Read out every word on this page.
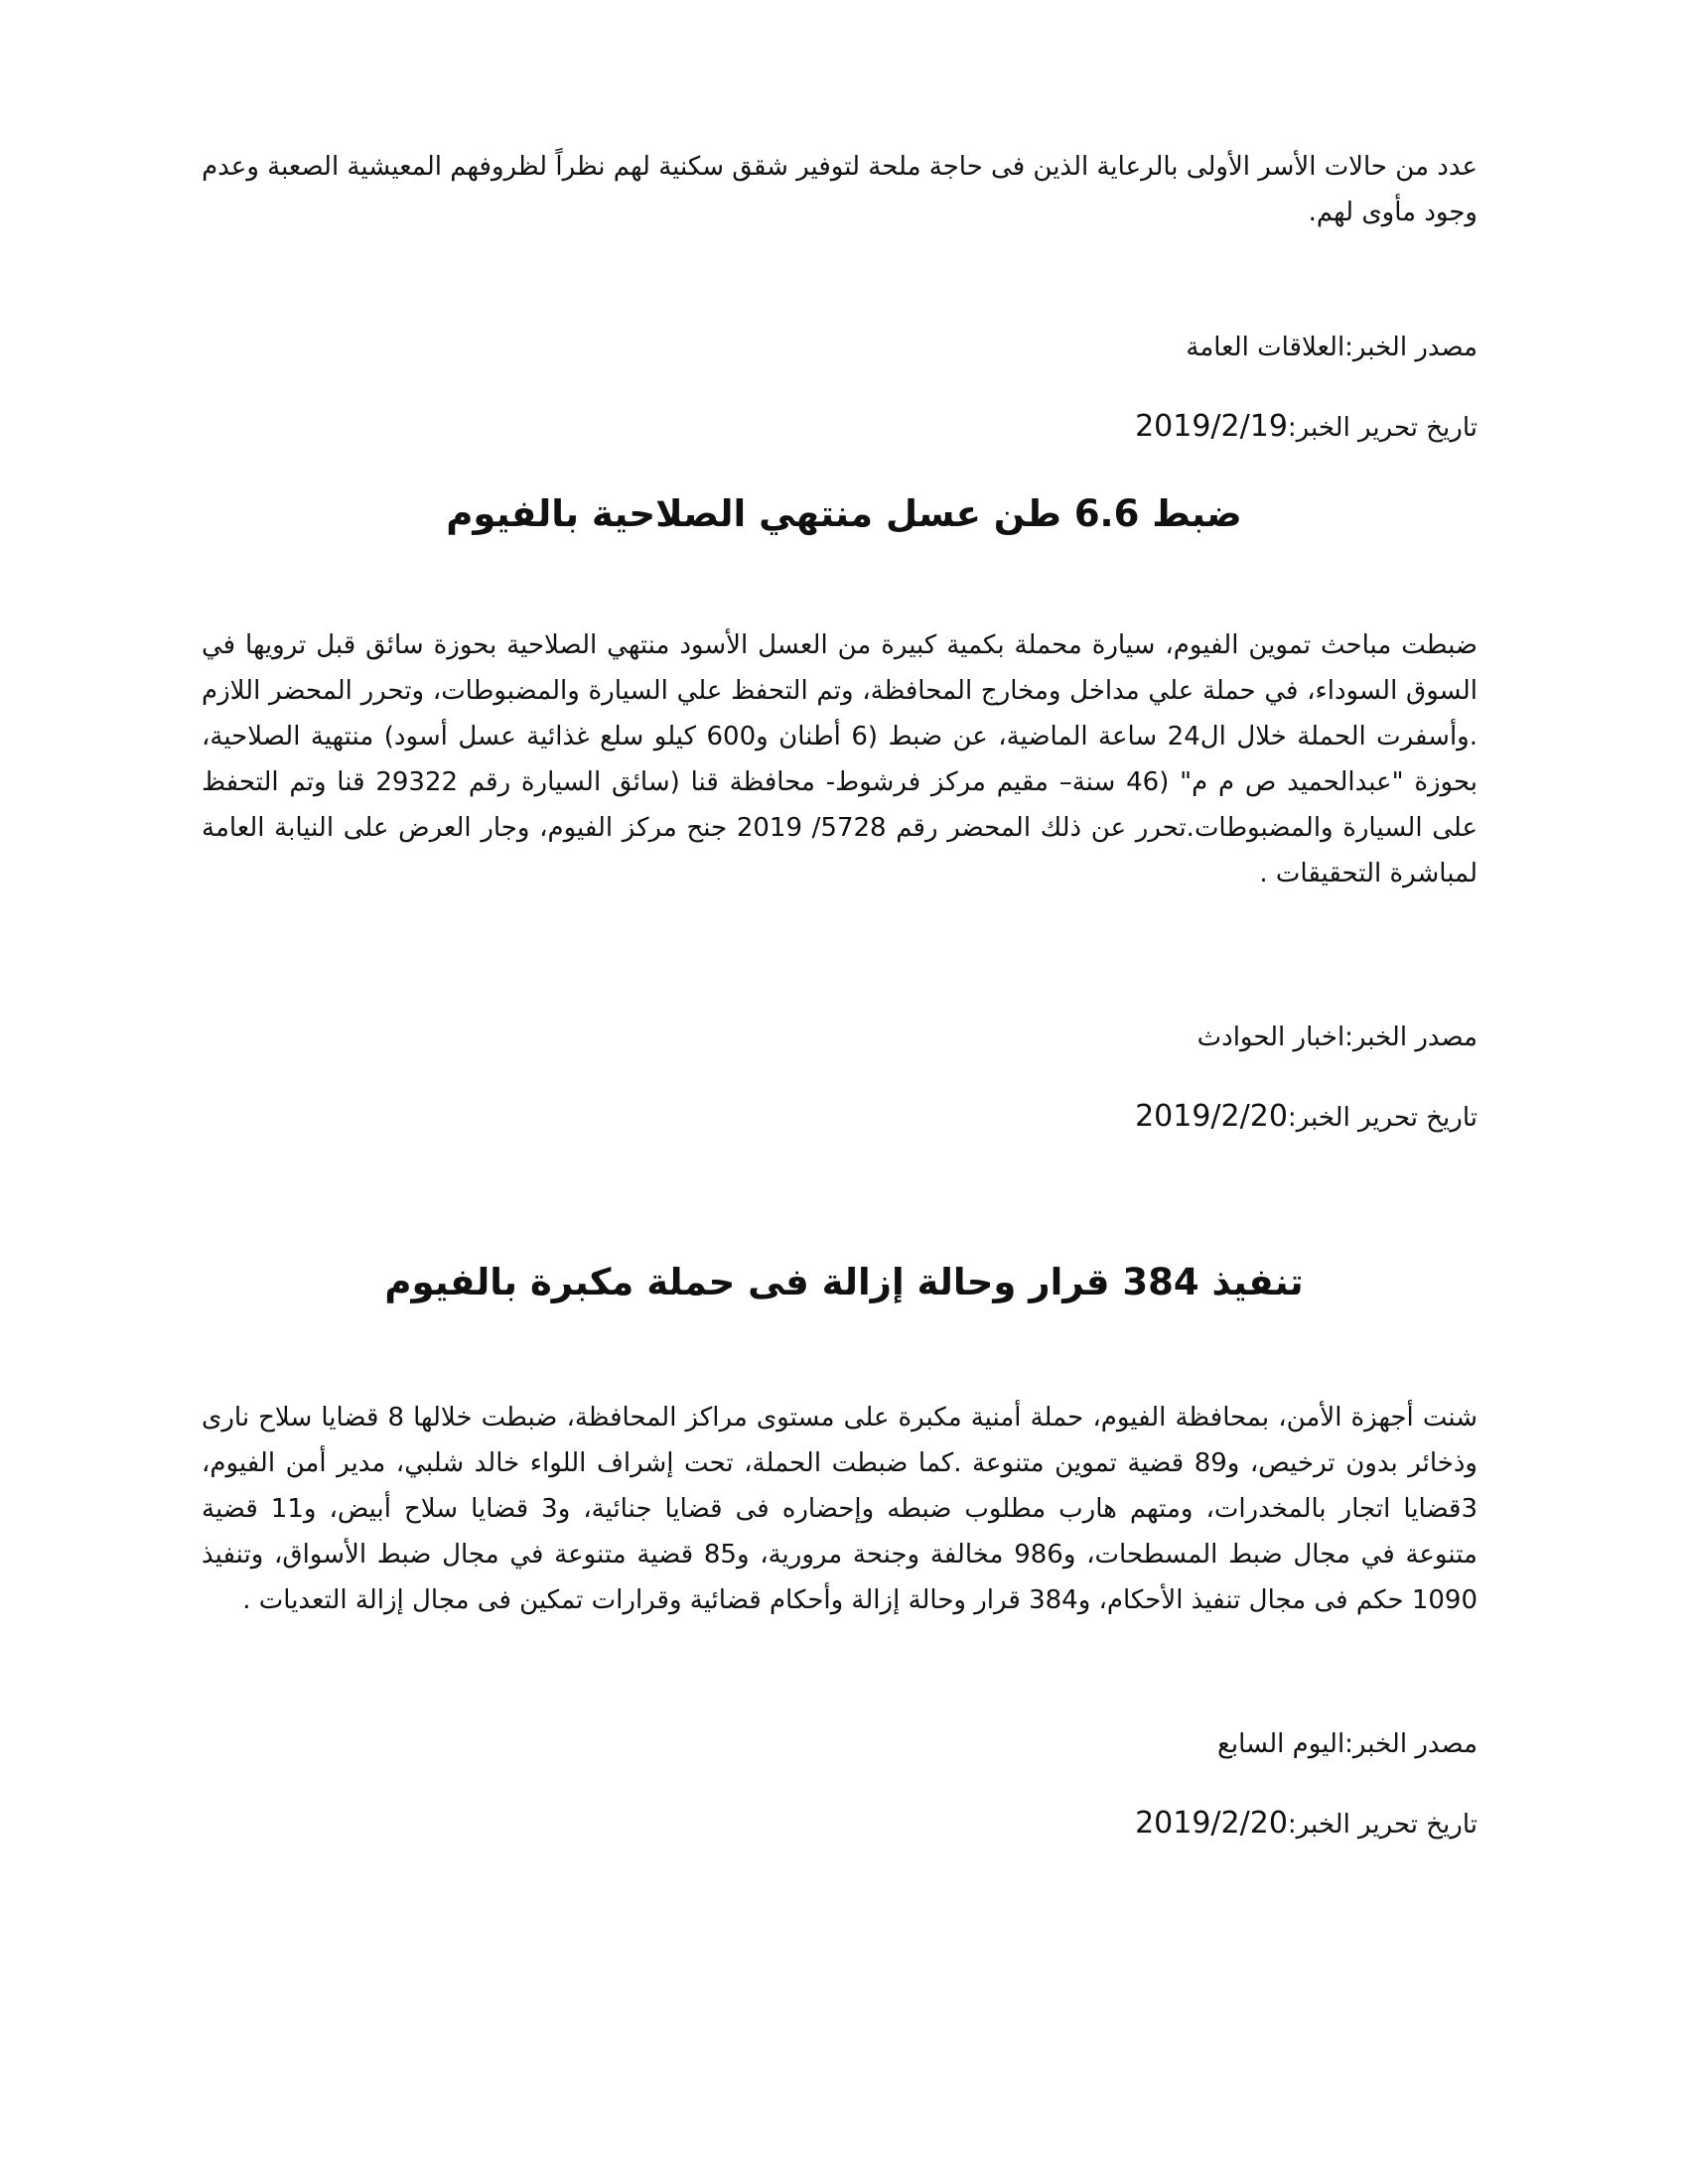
عدد من حالات الأسر الأولى بالرعاية الذين فى حاجة ملحة لتوفير شقق سكنية لهم نظراً لظروفهم المعيشية الصعبة وعدم وجود مأوى لهم.

مصدر الخبر:العلاقات العامة

تاريخ تحرير الخبر:2019/2/19

ضبط 6.6 طن عسل منتهي الصلاحية بالفيوم

ضبطت مباحث تموين الفيوم، سيارة محملة بكمية كبيرة من العسل الأسود منتهي الصلاحية بحوزة سائق قبل ترويها في السوق السوداء، في حملة علي مداخل ومخارج المحافظة، وتم التحفظ علي السيارة والمضبوطات، وتحرر المحضر اللازم .وأسفرت الحملة خلال ال24 ساعة الماضية، عن ضبط (6 أطنان و600 كيلو سلع غذائية عسل أسود) منتهية الصلاحية، بحوزة "عبدالحميد ص م م" (46 سنة– مقيم مركز فرشوط- محافظة قنا (سائق السيارة رقم 29322 قنا وتم التحفظ على السيارة والمضبوطات.تحرر عن ذلك المحضر رقم 5728/ 2019 جنح مركز الفيوم، وجار العرض على النيابة العامة لمباشرة التحقيقات .

مصدر الخبر:اخبار الحوادث

تاريخ تحرير الخبر:2019/2/20

تنفيذ 384 قرار وحالة إزالة فى حملة مكبرة بالفيوم

شنت أجهزة الأمن، بمحافظة الفيوم، حملة أمنية مكبرة على مستوى مراكز المحافظة، ضبطت خلالها 8 قضايا سلاح نارى وذخائر بدون ترخيص، و89 قضية تموين متنوعة .كما ضبطت الحملة، تحت إشراف اللواء خالد شلبي، مدير أمن الفيوم، 3قضايا اتجار بالمخدرات، ومتهم هارب مطلوب ضبطه وإحضاره فى قضايا جنائية، و3 قضايا سلاح أبيض، و11 قضية متنوعة في مجال ضبط المسطحات، و986 مخالفة وجنحة مرورية، و85 قضية متنوعة في مجال ضبط الأسواق، وتنفيذ 1090 حكم فى مجال تنفيذ الأحكام، و384 قرار وحالة إزالة وأحكام قضائية وقرارات تمكين فى مجال إزالة التعديات .

مصدر الخبر:اليوم السابع

تاريخ تحرير الخبر:2019/2/20
